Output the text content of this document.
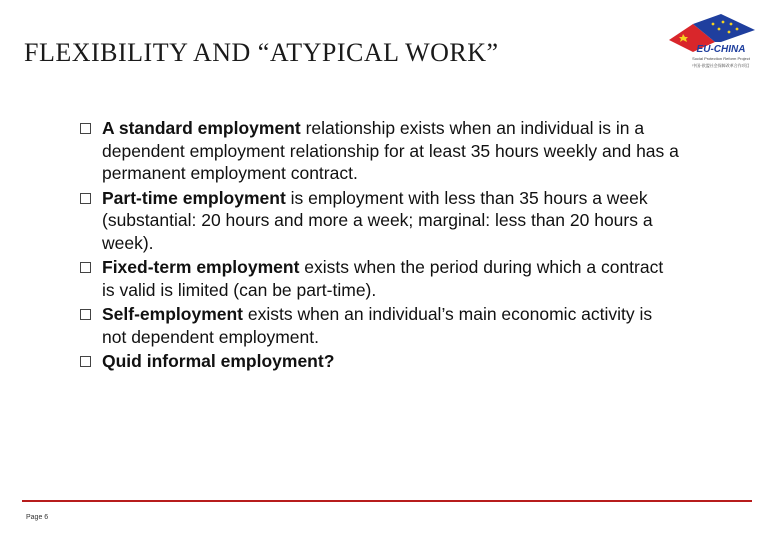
FLEXIBILITY AND “ATYPICAL WORK”	EU-CHINA
Social Protection Reform Project
中国-欧盟社会保障改革合作项目
A standard employment relationship exists when an individual is in a dependent employment relationship for at least 35 hours weekly and has a permanent employment contract.
Part-time employment is employment with less than 35 hours a week (substantial: 20 hours and more a week; marginal: less than 20 hours a week).
Fixed-term employment exists when the period during which a contract is valid is limited (can be part-time).
Self-employment exists when an individual’s main economic activity is not dependent employment.
Quid informal employment?
Page 6
